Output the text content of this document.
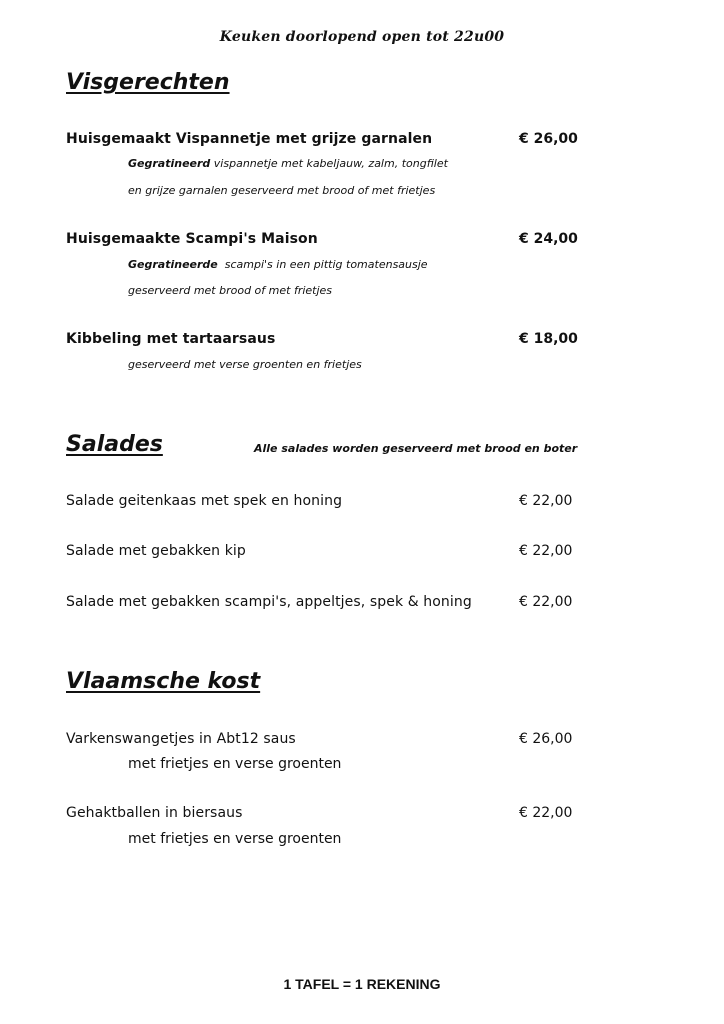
Keuken doorlopend open tot 22u00
Visgerechten
Huisgemaakt Vispannetje met grijze garnalen	€ 26,00
Gegratineerd vispannetje met kabeljauw, zalm, tongfilet
en grijze garnalen geserveerd met brood of met frietjes
Huisgemaakte Scampi's Maison	€ 24,00
Gegratineerde  scampi's in een pittig tomatensausje
geserveerd met brood of met frietjes
Kibbeling met tartaarsaus	€ 18,00
geserveerd met verse groenten en frietjes
Salades	Alle salades worden geserveerd met brood en boter
Salade geitenkaas met spek en honing	€ 22,00
Salade met gebakken kip	€ 22,00
Salade met gebakken scampi's, appeltjes, spek & honing	€ 22,00
Vlaamsche kost
Varkenswangetjes in Abt12 saus	€ 26,00
met frietjes en verse groenten
Gehaktballen in biersaus	€ 22,00
met frietjes en verse groenten
1 TAFEL = 1 REKENING
